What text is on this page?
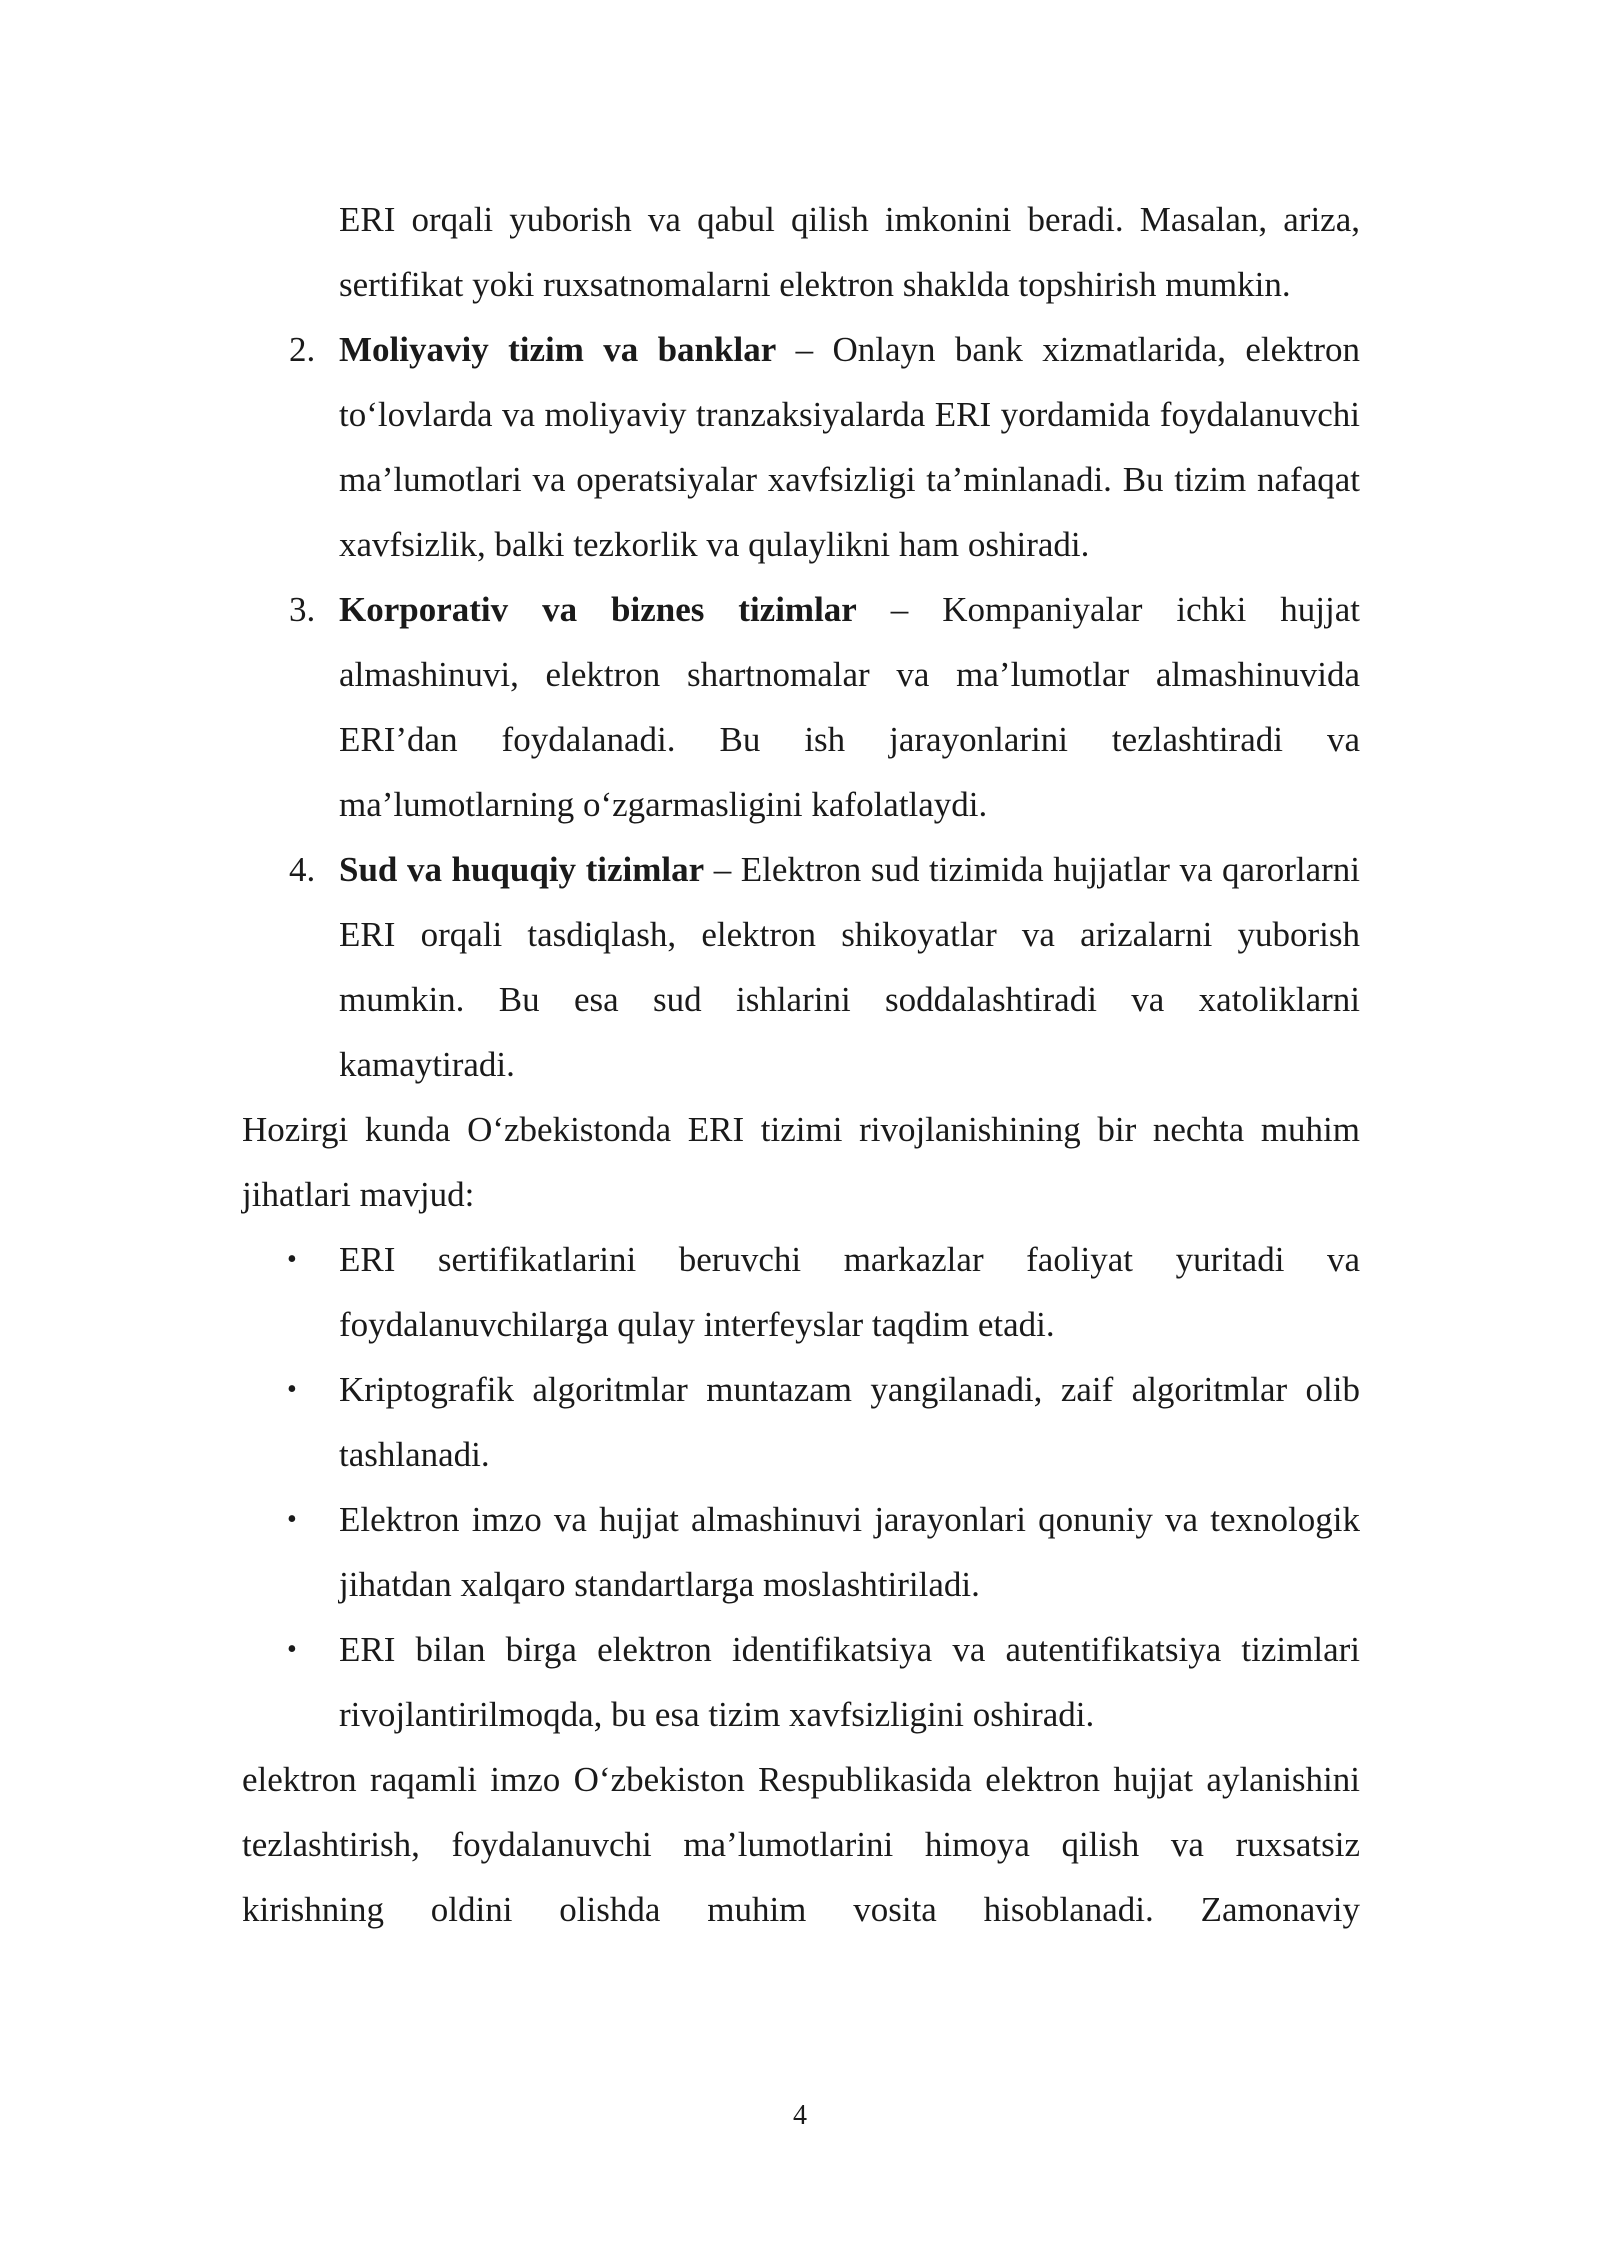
ERI orqali yuborish va qabul qilish imkonini beradi. Masalan, ariza, sertifikat yoki ruxsatnomalarni elektron shaklda topshirish mumkin.

2. Moliyaviy tizim va banklar – Onlayn bank xizmatlarida, elektron to‘lovlarda va moliyaviy tranzaksiyalarda ERI yordamida foydalanuvchi ma’lumotlari va operatsiyalar xavfsizligi ta’minlanadi. Bu tizim nafaqat xavfsizlik, balki tezkorlik va qulaylikni ham oshiradi.
3. Korporativ va biznes tizimlar – Kompaniyalar ichki hujjat almashinuvi, elektron shartnomalar va ma’lumotlar almashinuvida ERI’dan foydalanadi. Bu ish jarayonlarini tezlashtiradi va ma’lumotlarning o‘zgarmasligini kafolatlaydi.
4. Sud va huquqiy tizimlar – Elektron sud tizimida hujjatlar va qarorlarni ERI orqali tasdiqlash, elektron shikoyatlar va arizalarni yuborish mumkin. Bu esa sud ishlarini soddalashtiradi va xatoliklarni kamaytiradi.

Hozirgi kunda O‘zbekistonda ERI tizimi rivojlanishining bir nechta muhim jihatlari mavjud:

• ERI sertifikatlarini beruvchi markazlar faoliyat yuritadi va foydalanuvchilarga qulay interfeyslar taqdim etadi.
• Kriptografik algoritmlar muntazam yangilanadi, zaif algoritmlar olib tashlanadi.
• Elektron imzo va hujjat almashinuvi jarayonlari qonuniy va texnologik jihatdan xalqaro standartlarga moslashtiriladi.
• ERI bilan birga elektron identifikatsiya va autentifikatsiya tizimlari rivojlantirilmoqda, bu esa tizim xavfsizligini oshiradi.

elektron raqamli imzo O‘zbekiston Respublikasida elektron hujjat aylanishini tezlashtirish, foydalanuvchi ma’lumotlarini himoya qilish va ruxsatsiz kirishning oldini olishda muhim vosita hisoblanadi. Zamonaviy

4
